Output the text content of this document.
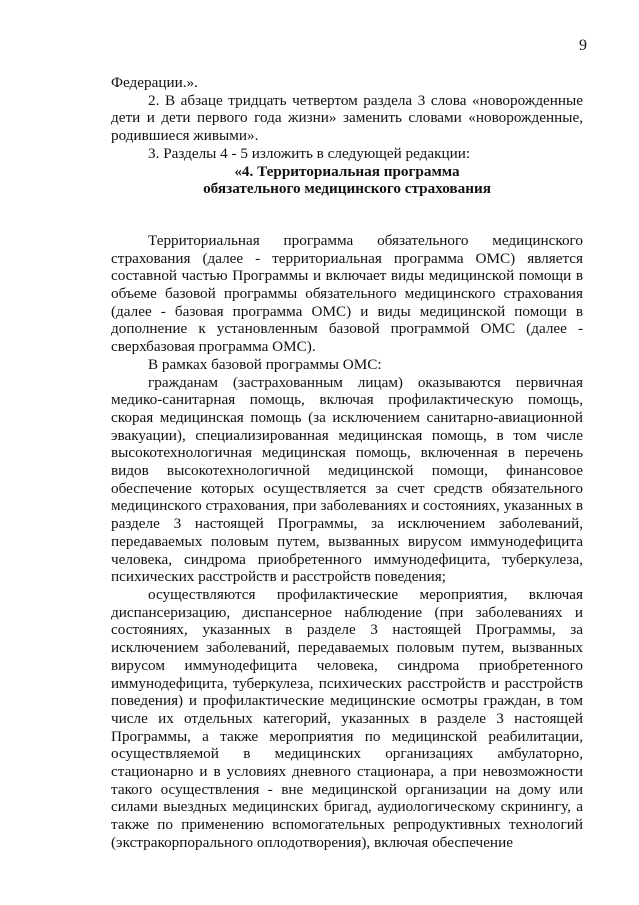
9

Федерации.».

2. В абзаце тридцать четвертом раздела 3 слова «новорожденные дети и дети первого года жизни» заменить словами «новорожденные, родившиеся живыми».

3. Разделы 4 - 5 изложить в следующей редакции:

«4. Территориальная программа
обязательного медицинского страхования

Территориальная программа обязательного медицинского страхования (далее - территориальная программа ОМС) является составной частью Программы и включает виды медицинской помощи в объеме базовой программы обязательного медицинского страхования (далее - базовая программа ОМС) и виды медицинской помощи в дополнение к установленным базовой программой ОМС (далее - сверхбазовая программа ОМС).

В рамках базовой программы ОМС:

гражданам (застрахованным лицам) оказываются первичная медико-санитарная помощь, включая профилактическую помощь, скорая медицинская помощь (за исключением санитарно-авиационной эвакуации), специализированная медицинская помощь, в том числе высокотехнологичная медицинская помощь, включенная в перечень видов высокотехнологичной медицинской помощи, финансовое обеспечение которых осуществляется за счет средств обязательного медицинского страхования, при заболеваниях и состояниях, указанных в разделе 3 настоящей Программы, за исключением заболеваний, передаваемых половым путем, вызванных вирусом иммунодефицита человека, синдрома приобретенного иммунодефицита, туберкулеза, психических расстройств и расстройств поведения;

осуществляются профилактические мероприятия, включая диспансеризацию, диспансерное наблюдение (при заболеваниях и состояниях, указанных в разделе 3 настоящей Программы, за исключением заболеваний, передаваемых половым путем, вызванных вирусом иммунодефицита человека, синдрома приобретенного иммунодефицита, туберкулеза, психических расстройств и расстройств поведения) и профилактические медицинские осмотры граждан, в том числе их отдельных категорий, указанных в разделе 3 настоящей Программы, а также мероприятия по медицинской реабилитации, осуществляемой в медицинских организациях амбулаторно, стационарно и в условиях дневного стационара, а при невозможности такого осуществления - вне медицинской организации на дому или силами выездных медицинских бригад, аудиологическому скринингу, а также по применению вспомогательных репродуктивных технологий (экстракорпорального оплодотворения), включая обеспечение
